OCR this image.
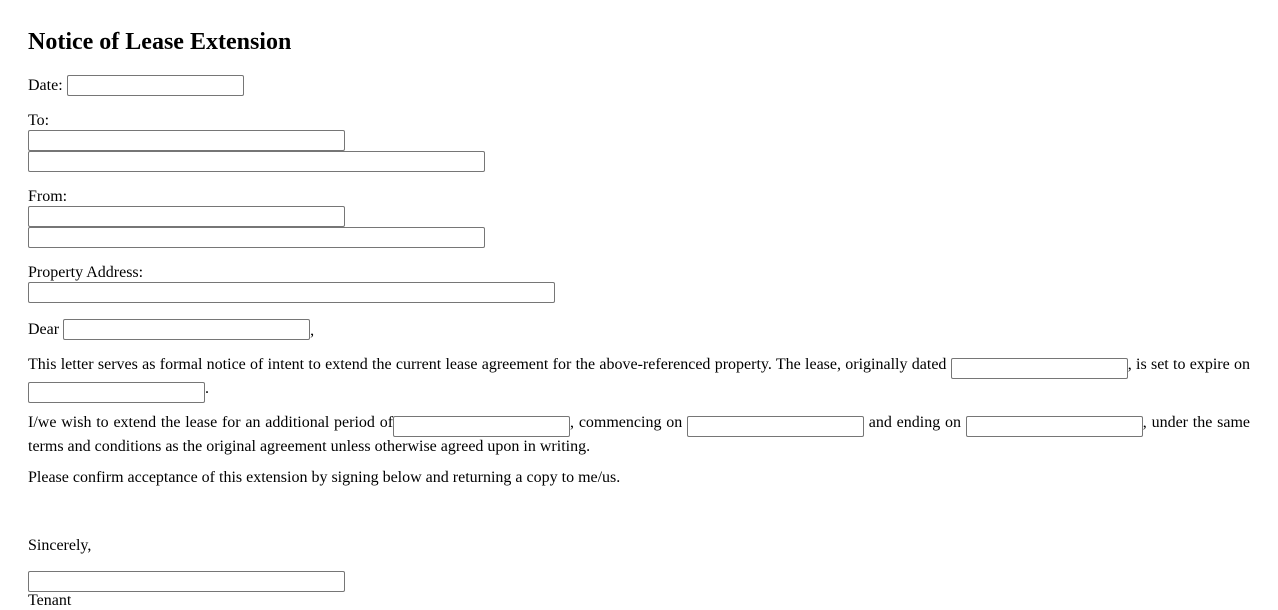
Notice of Lease Extension
Date:
To:
From:
Property Address:
Dear	,
This letter serves as formal notice of intent to extend the current lease agreement for the above-referenced property. The lease, originally dated	, is set to expire on .
I/we wish to extend the lease for an additional period of	, commencing on	and ending on	, under the same terms and conditions as the original agreement unless otherwise agreed upon in writing.
Please confirm acceptance of this extension by signing below and returning a copy to me/us.
Sincerely,
Tenant
